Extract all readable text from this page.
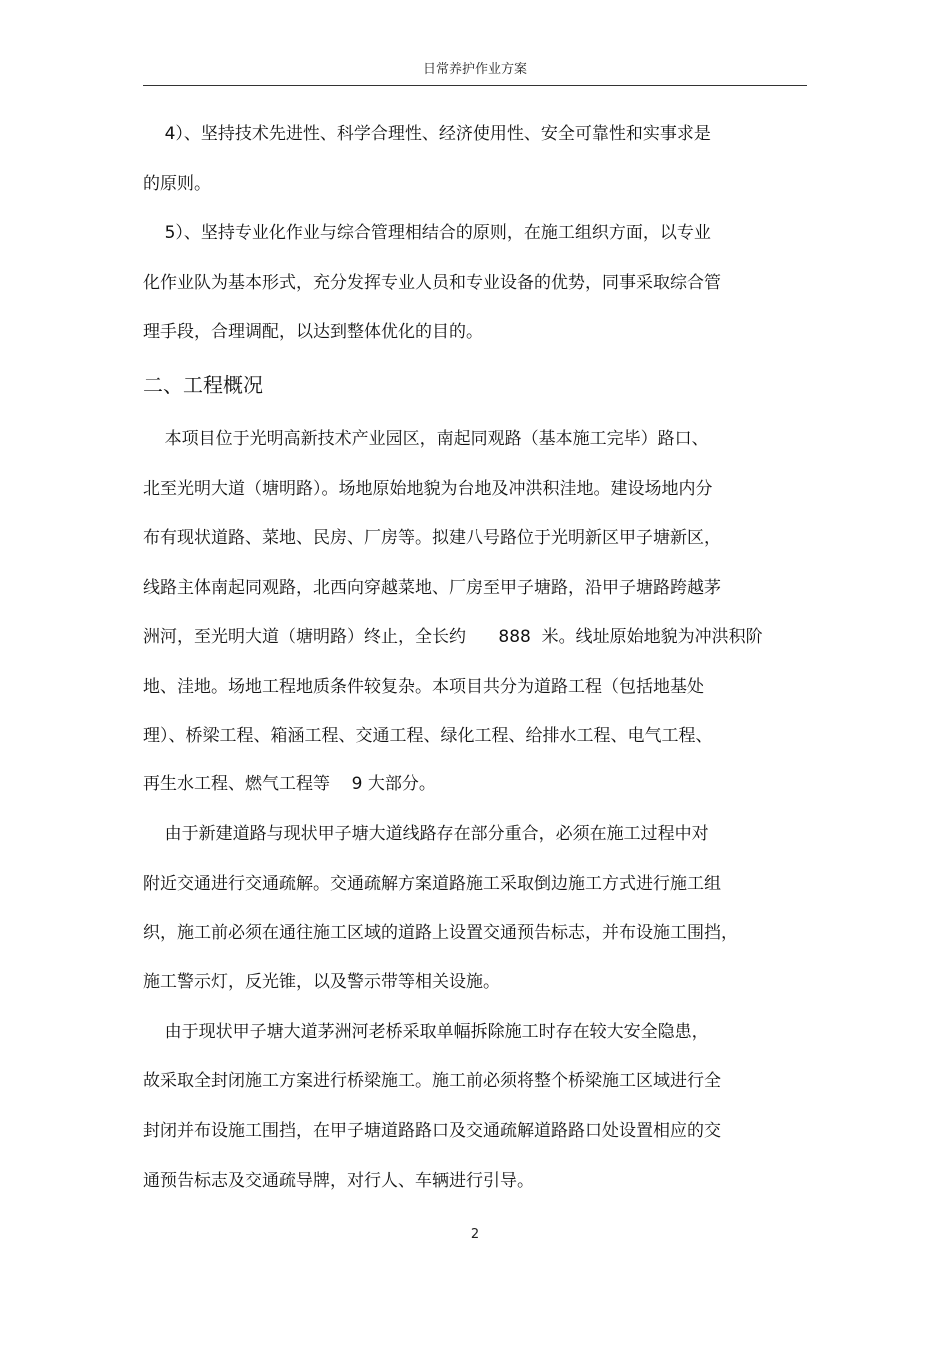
日常养护作业方案
4）、坚持技术先进性、科学合理性、经济使用性、安全可靠性和实事求是
的原则。
5）、坚持专业化作业与综合管理相结合的原则，在施工组织方面，以专业
化作业队为基本形式，充分发挥专业人员和专业设备的优势，同事采取综合管
理手段，合理调配，以达到整体优化的目的。
二、工程概况
本项目位于光明高新技术产业园区，南起同观路（基本施工完毕）路口、
北至光明大道（塘明路）。场地原始地貌为台地及冲洪积洼地。建设场地内分
布有现状道路、菜地、民房、厂房等。拟建八号路位于光明新区甲子塘新区，
线路主体南起同观路，北西向穿越菜地、厂房至甲子塘路，沿甲子塘路跨越茅
洲河，至光明大道（塘明路）终止，全长约      888  米。线址原始地貌为冲洪积阶
地、洼地。场地工程地质条件较复杂。本项目共分为道路工程（包括地基处
理）、桥梁工程、箱涵工程、交通工程、绿化工程、给排水工程、电气工程、
再生水工程、燃气工程等    9 大部分。
由于新建道路与现状甲子塘大道线路存在部分重合，必须在施工过程中对
附近交通进行交通疏解。交通疏解方案道路施工采取倒边施工方式进行施工组
织，施工前必须在通往施工区域的道路上设置交通预告标志，并布设施工围挡，
施工警示灯，反光锥，以及警示带等相关设施。
由于现状甲子塘大道茅洲河老桥采取单幅拆除施工时存在较大安全隐患，
故采取全封闭施工方案进行桥梁施工。施工前必须将整个桥梁施工区域进行全
封闭并布设施工围挡，在甲子塘道路路口及交通疏解道路路口处设置相应的交
通预告标志及交通疏导牌，对行人、车辆进行引导。
2
